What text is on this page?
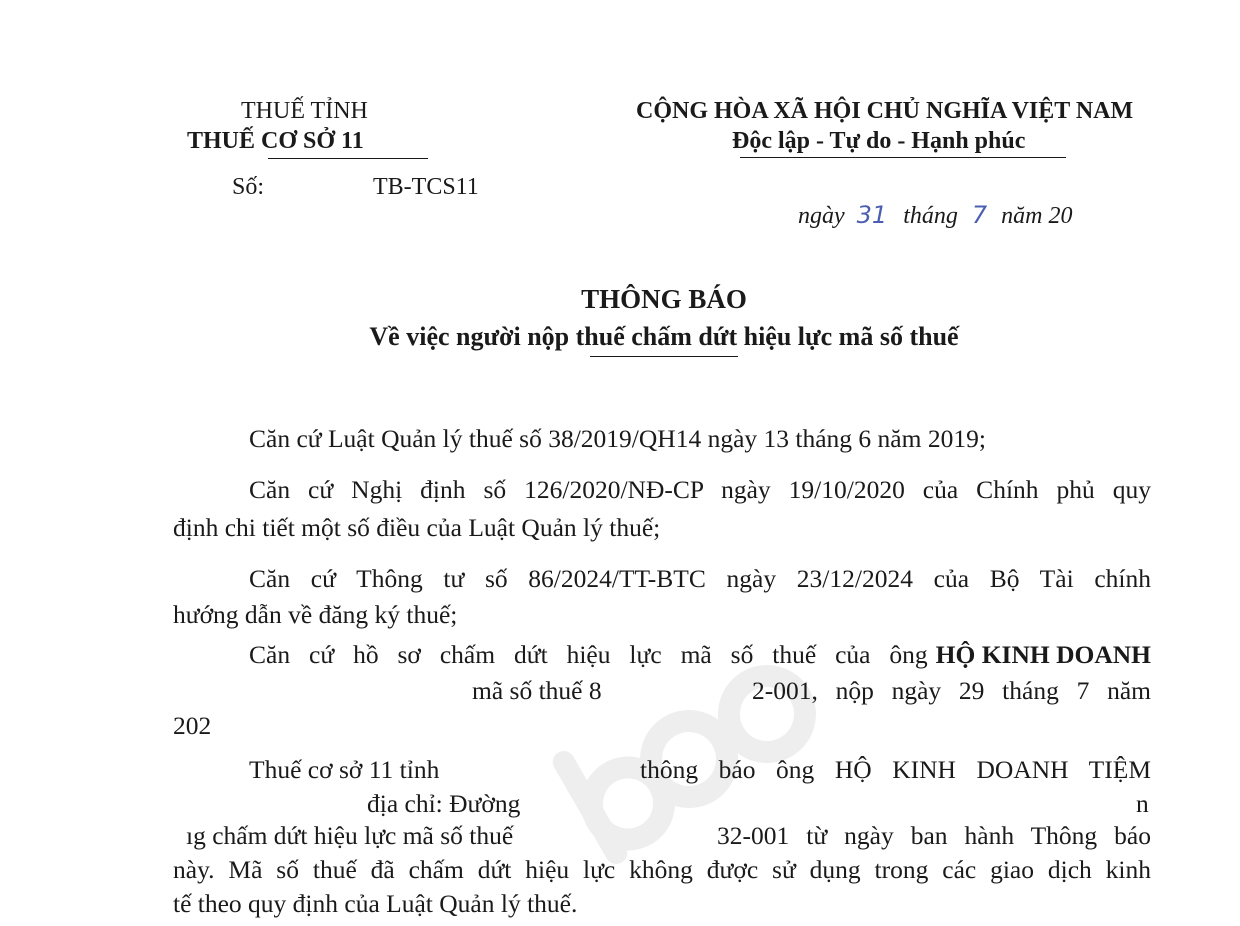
THUẾ TỈNH
THUẾ CƠ SỞ 11
Số:	TB-TCS11
CỘNG HÒA XÃ HỘI CHỦ NGHĨA VIỆT NAM
Độc lập - Tự do - Hạnh phúc
ngày 31 tháng 7 năm 20
THÔNG BÁO
Về việc người nộp thuế chấm dứt hiệu lực mã số thuế
Căn cứ Luật Quản lý thuế số 38/2019/QH14 ngày 13 tháng 6 năm 2019;
Căn cứ Nghị định số 126/2020/NĐ-CP ngày 19/10/2020 của Chính phủ quy
định chi tiết một số điều của Luật Quản lý thuế;
Căn cứ Thông tư số 86/2024/TT-BTC ngày 23/12/2024 của Bộ Tài chính
hướng dẫn về đăng ký thuế;
Căn cứ hồ sơ chấm dứt hiệu lực mã số thuế của ông HỘ KINH DOANH
mã số thuế 8	2-001, nộp ngày 29 tháng 7 năm
202
Thuế cơ sở 11 tỉnh	thông báo ông HỘ KINH DOANH TIỆM
địa chỉ: Đường	n
ıg chấm dứt hiệu lực mã số thuế	32-001 từ ngày ban hành Thông báo
này. Mã số thuế đã chấm dứt hiệu lực không được sử dụng trong các giao dịch kinh
tế theo quy định của Luật Quản lý thuế.
